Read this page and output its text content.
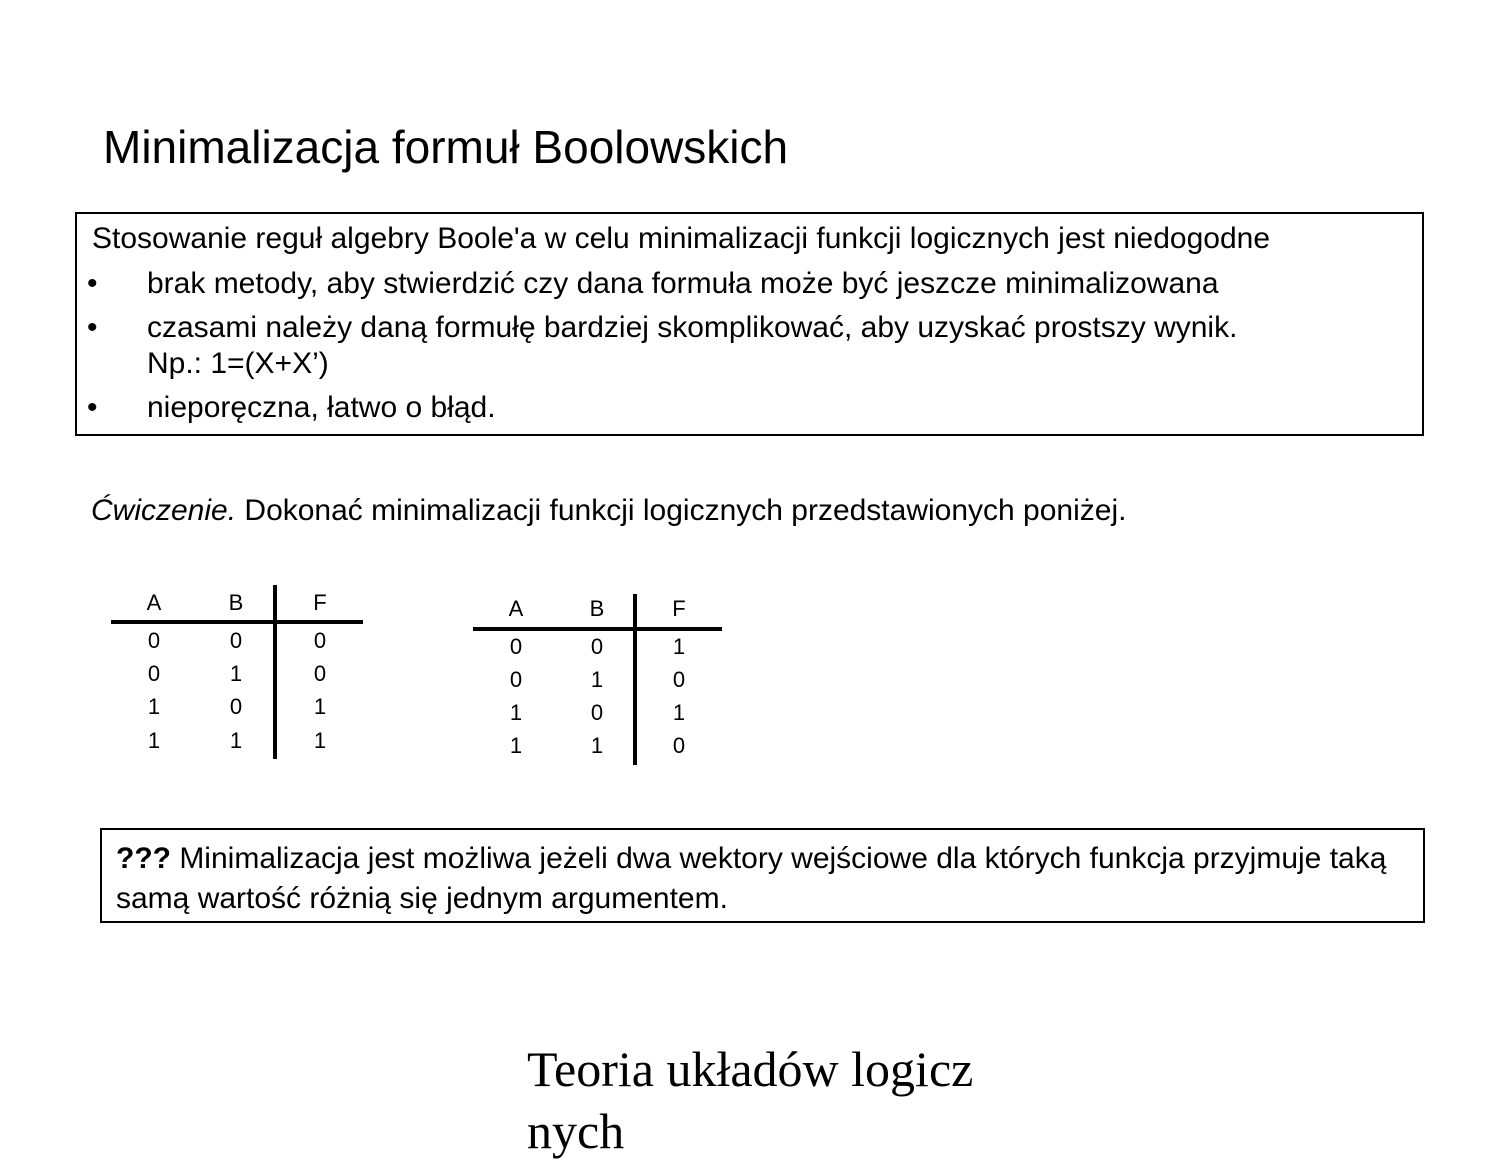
Minimalizacja formuł Boolowskich
Stosowanie reguł algebry Boole'a w celu minimalizacji funkcji logicznych jest niedogodne
• brak metody, aby stwierdzić czy dana formuła może być jeszcze minimalizowana
• czasami należy daną formułę bardziej skomplikować, aby uzyskać prostszy wynik.
Np.: 1=(X+X’)
• nieporęczna, łatwo o błąd.
Ćwiczenie. Dokonać minimalizacji funkcji logicznych przedstawionych poniżej.
A	B	F
0	0	0
0	1	0
1	0	1
1	1	1
A	B	F
0	0	1
0	1	0
1	0	1
1	1	0
??? Minimalizacja jest możliwa jeżeli dwa wektory wejściowe dla których funkcja przyjmuje taką samą wartość różnią się jednym argumentem.
Teoria układów logicznych
